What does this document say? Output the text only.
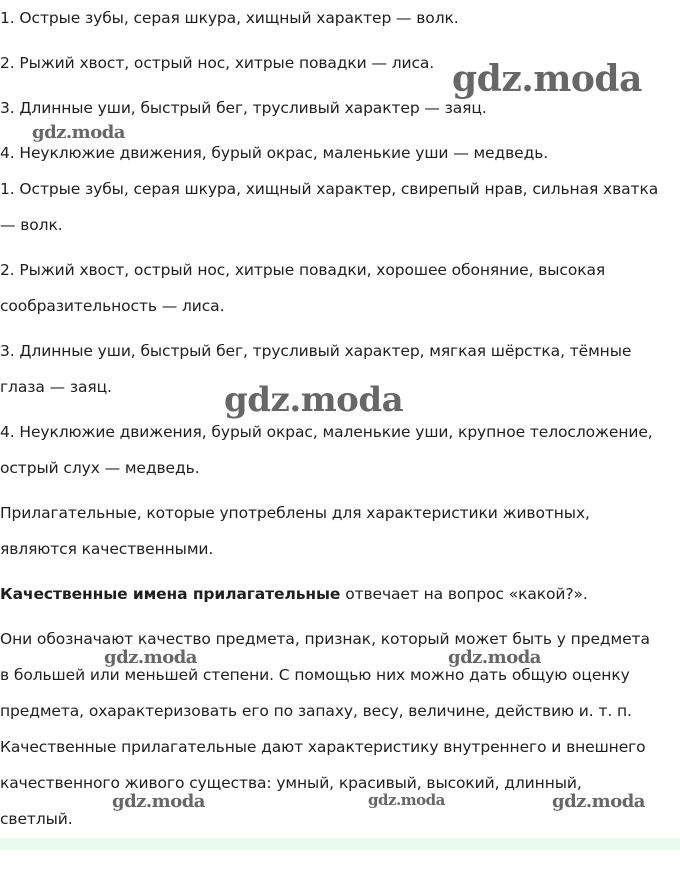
1. Острые зубы, серая шкура, хищный характер — волк.

2. Рыжий хвост, острый нос, хитрые повадки — лиса.

3. Длинные уши, быстрый бег, трусливый характер — заяц.

4. Неуклюжие движения, бурый окрас, маленькие уши — медведь.

1. Острые зубы, серая шкура, хищный характер, свирепый нрав, сильная хватка

— волк.

2. Рыжий хвост, острый нос, хитрые повадки, хорошее обоняние, высокая

сообразительность — лиса.

3. Длинные уши, быстрый бег, трусливый характер, мягкая шёрстка, тёмные

глаза — заяц.

4. Неуклюжие движения, бурый окрас, маленькие уши, крупное телосложение,

острый слух — медведь.

Прилагательные, которые употреблены для характеристики животных,

являются качественными.

Качественные имена прилагательные отвечает на вопрос «какой?».

Они обозначают качество предмета, признак, который может быть у предмета

в большей или меньшей степени. С помощью них можно дать общую оценку

предмета, охарактеризовать его по запаху, весу, величине, действию и. т. п.

Качественные прилагательные дают характеристику внутреннего и внешнего

качественного живого существа: умный, красивый, высокий, длинный,

светлый.

gdz.moda
gdz.moda
gdz.moda
gdz.moda	gdz.moda
gdz.moda	gdz.moda	gdz.moda
